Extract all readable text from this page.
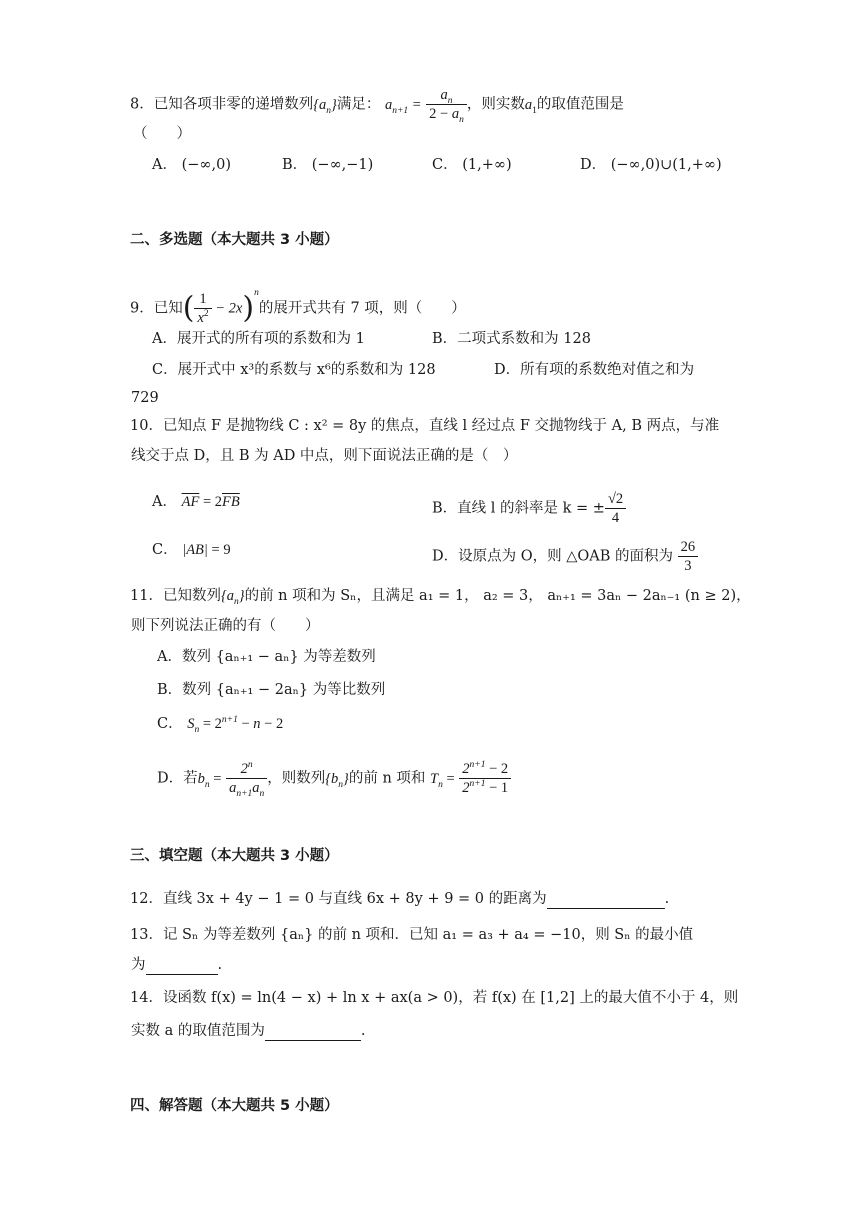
8．已知各项非零的递增数列$\{a_n\}$满足： $a_{n+1} = \frac{a_n}{2 - a_n}$ ，则实数$a_1$的取值范围是
（　　）
A． (−∞,0)	B． (−∞,−1)	C． (1,+∞)	D． (−∞,0)∪(1,+∞)
二、多选题（本大题共 3 小题）
9．已知( $\frac{1}{x^2} - 2x)^n$的展开式共有 7 项，则（　　）
A．展开式的所有项的系数和为 1	B．二项式系数和为 128
C．展开式中 x³的系数与 x⁶的系数和为 128	D．所有项的系数绝对值之和为
729
10．已知点 F 是抛物线 C : x² = 8y 的焦点，直线 l 经过点 F 交抛物线于 A, B 两点，与准
线交于点 D，且 B 为 AD 中点，则下面说法正确的是（　）
A． $\overline{AF} = 2\overline{FB}$	B．直线 l 的斜率是 k = ± $\frac{√2}{4}$
C． |AB| = 9	D．设原点为 O，则 △OAB 的面积为 $\frac{26}{3}$
11．已知数列$\{a_n\}$的前 n 项和为 Sₙ，且满足 a₁ = 1， a₂ = 3， aₙ₊₁ = 3aₙ − 2aₙ₋₁ (n ≥ 2)，
则下列说法正确的有（　　）
A．数列 {aₙ₊₁ − aₙ} 为等差数列
B．数列 {aₙ₊₁ − 2aₙ} 为等比数列
C． $S_n = 2^{n+1} - n - 2$
D．若$b_n = \frac{2^n}{a_{n+1}a_n}$ ，则数列$\{b_n\}$的前 n 项和 $T_n = \frac{2^{n+1} - 2}{2^{n+1} - 1}$
三、填空题（本大题共 3 小题）
12．直线 3x + 4y − 1 = 0 与直线 6x + 8y + 9 = 0 的距离为	.
13．记 Sₙ 为等差数列 {aₙ} 的前 n 项和．已知 a₁ = a₃ + a₄ = −10，则 Sₙ 的最小值
为	.
14．设函数 f(x) = ln(4 − x) + ln x + ax(a > 0)，若 f(x) 在 [1,2] 上的最大值不小于 4，则
实数 a 的取值范围为	.
四、解答题（本大题共 5 小题）
